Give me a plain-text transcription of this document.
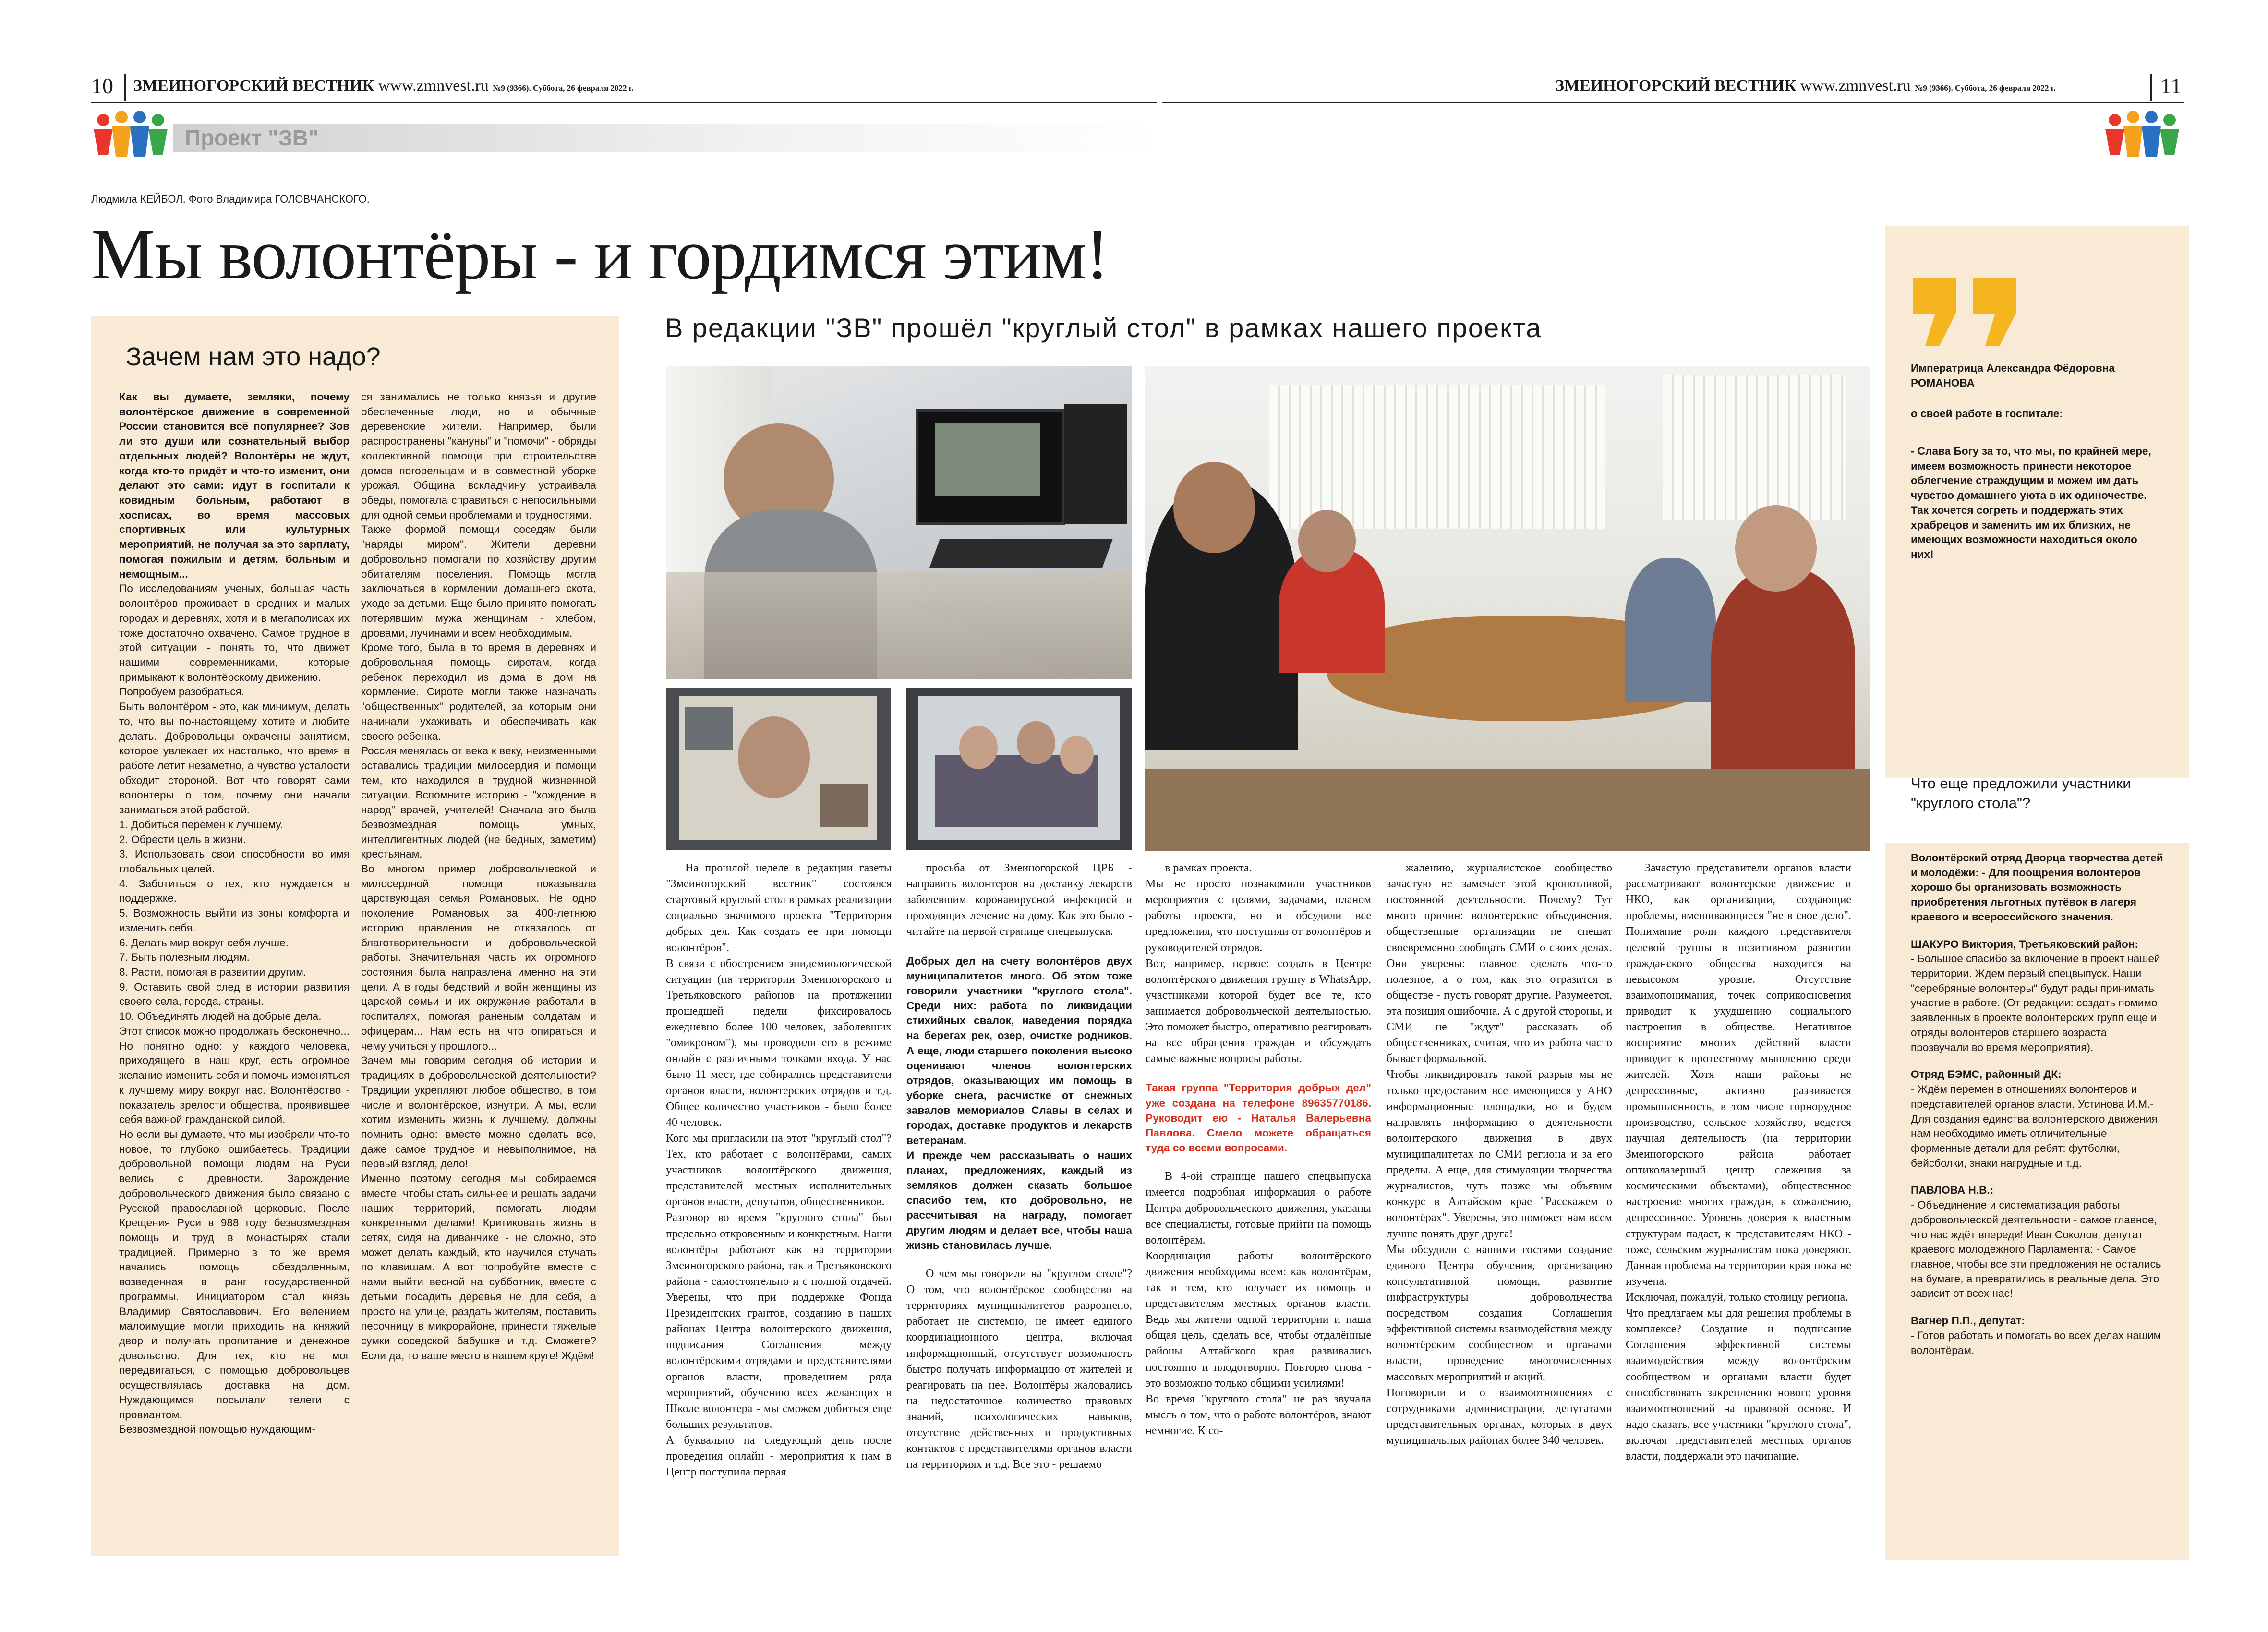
10 ЗМЕИНОГОРСКИЙ ВЕСТНИК www.zmnvest.ru №9 (9366). Суббота, 26 февраля 2022 г.	ЗМЕИНОГОРСКИЙ ВЕСТНИК www.zmnvest.ru №9 (9366). Суббота, 26 февраля 2022 г.	11
Проект "ЗВ"
Людмила КЕЙБОЛ. Фото Владимира ГОЛОВЧАНСКОГО.
Мы волонтёры - и гордимся этим!
В редакции "ЗВ" прошёл "круглый стол" в рамках нашего проекта
Зачем нам это надо?

Как вы думаете, земляки, почему волонтёрское движение в современной России становится всё популярнее? Зов ли это души или сознательный выбор отдельных людей? Волонтёры не ждут, когда кто-то придёт и что-то изменит, они делают это сами: идут в госпитали к ковидным больным, работают в хосписах, во время массовых спортивных или культурных мероприятий, не получая за это зарплату, помогая пожилым и детям, больным и немощным...

По исследованиям ученых, большая часть волонтёров проживает в средних и малых городах и деревнях, хотя и в мегаполисах их тоже достаточно охвачено. Самое трудное в этой ситуации - понять то, что движет нашими современниками, которые примыкают к волонтёрскому движению.
Попробуем разобраться.
Быть волонтёром - это, как минимум, делать то, что вы по-настоящему хотите и любите делать. Добровольцы охвачены занятием, которое увлекает их настолько, что время в работе летит незаметно, а чувство усталости обходит стороной. Вот что говорят сами волонтеры о том, почему они начали заниматься этой работой.
1. Добиться перемен к лучшему.
2. Обрести цель в жизни.
3. Использовать свои способности во имя глобальных целей.
4. Заботиться о тех, кто нуждается в поддержке.
5. Возможность выйти из зоны комфорта и изменить себя.
6. Делать мир вокруг себя лучше.
7. Быть полезным людям.
8. Расти, помогая в развитии другим.
9. Оставить свой след в истории развития своего села, города, страны.
10. Объединять людей на добрые дела.
Этот список можно продолжать бесконечно... Но понятно одно: у каждого человека, приходящего в наш круг, есть огромное желание изменить себя и помочь изменяться к лучшему миру вокруг нас. Волонтёрство - показатель зрелости общества, проявившее себя важной гражданской силой.
Но если вы думаете, что мы изобрели что-то новое, то глубоко ошибаетесь. Традиции добровольной помощи людям на Руси велись с древности. Зарождение добровольческого движения было связано с Русской православной церковью. После Крещения Руси в 988 году безвозмездная помощь и труд в монастырях стали традицией. Примерно в то же время начались помощь обездоленным, возведенная в ранг государственной программы. Инициатором стал князь Владимир Святославович. Его велением малоимущие могли приходить на княжий двор и получать пропитание и денежное довольство. Для тех, кто не мог передвигаться, с помощью добровольцев осуществлялась доставка на дом. Нуждающимся посылали телеги с провиантом.
Безвозмездной помощью нуждающим-

ся занимались не только князья и другие обеспеченные люди, но и обычные деревенские жители. Например, были распространены "кануны" и "помочи" - обряды коллективной помощи при строительстве домов погорельцам и в совместной уборке урожая. Община вскладчину устраивала обеды, помогала справиться с непосильными для одной семьи проблемами и трудностями.
Также формой помощи соседям были "наряды миром". Жители деревни добровольно помогали по хозяйству другим обитателям поселения. Помощь могла заключаться в кормлении домашнего скота, уходе за детьми. Еще было принято помогать потерявшим мужа женщинам - хлебом, дровами, лучинами и всем необходимым.
Кроме того, была в то время в деревнях и добровольная помощь сиротам, когда ребенок переходил из дома в дом на кормление. Сироте могли также назначать "общественных" родителей, за которым они начинали ухаживать и обеспечивать как своего ребенка.
Россия менялась от века к веку, неизменными оставались традиции милосердия и помощи тем, кто находился в трудной жизненной ситуации. Вспомните историю - "хождение в народ" врачей, учителей! Сначала это была безвозмездная помощь умных, интеллигентных людей (не бедных, заметим) крестьянам.
Во многом пример добровольческой и милосердной помощи показывала царствующая семья Романовых. Не одно поколение Романовых за 400-летнюю историю правления не отказалось от благотворительности и добровольческой работы. Значительная часть их огромного состояния была направлена именно на эти цели. А в годы бедствий и войн женщины из царской семьи и их окружение работали в госпиталях, помогая раненым солдатам и офицерам... Нам есть на что опираться и чему учиться у прошлого...
Зачем мы говорим сегодня об истории и традициях в добровольческой деятельности? Традиции укрепляют любое общество, в том числе и волонтёрское, изнутри. А мы, если хотим изменить жизнь к лучшему, должны помнить одно: вместе можно сделать все, даже самое трудное и невыполнимое, на первый взгляд, дело!
Именно поэтому сегодня мы собираемся вместе, чтобы стать сильнее и решать задачи наших территорий, помогать людям конкретными делами! Критиковать жизнь в сетях, сидя на диванчике - не сложно, это может делать каждый, кто научился стучать по клавишам. А вот попробуйте вместе с нами выйти весной на субботник, вместе с детьми посадить деревья не для себя, а просто на улице, раздать жителям, поставить песочницу в микрорайоне, принести тяжелые сумки соседской бабушке и т.д. Сможете? Если да, то ваше место в нашем круге! Ждём!

На прошлой неделе в редакции газеты "Змеиногорский вестник" состоялся стартовый круглый стол в рамках реализации социально значимого проекта "Территория добрых дел. Как создать ее при помощи волонтёров".
В связи с обострением эпидемиологической ситуации (на территории Змеиногорского и Третьяковского районов на протяжении прошедшей недели фиксировалось ежедневно более 100 человек, заболевших "омикроном"), мы проводили его в режиме онлайн с различными точками входа. У нас было 11 мест, где собирались представители органов власти, волонтерских отрядов и т.д. Общее количество участников - было более 40 человек.
Кого мы пригласили на этот "круглый стол"? Тех, кто работает с волонтёрами, самих участников волонтёрского движения, представителей местных исполнительных органов власти, депутатов, общественников.
Разговор во время "круглого стола" был предельно откровенным и конкретным. Наши волонтёры работают как на территории Змеиногорского района, так и Третьяковского района - самостоятельно и с полной отдачей. Уверены, что при поддержке Фонда Президентских грантов, созданию в наших районах Центра волонтерского движения, подписания Соглашения между волонтёрскими отрядами и представителями органов власти, проведением ряда мероприятий, обучению всех желающих в Школе волонтера - мы сможем добиться еще больших результатов.
А буквально на следующий день после проведения онлайн - мероприятия к нам в Центр поступила первая

просьба от Змеиногорской ЦРБ - направить волонтеров на доставку лекарств заболевшим коронавирусной инфекцией и проходящих лечение на дому. Как это было - читайте на первой странице спецвыпуска.

Добрых дел на счету волонтёров двух муниципалитетов много. Об этом тоже говорили участники "круглого стола". Среди них: работа по ликвидации стихийных свалок, наведения порядка на берегах рек, озер, очистке родников. А еще, люди старшего поколения высоко оценивают членов волонтерских отрядов, оказывающих им помощь в уборке снега, расчистке от снежных завалов мемориалов Славы в селах и городах, доставке продуктов и лекарств ветеранам.
И прежде чем рассказывать о наших планах, предложениях, каждый из земляков должен сказать большое спасибо тем, кто добровольно, не рассчитывая на награду, помогает другим людям и делает все, чтобы наша жизнь становилась лучше.

О чем мы говорили на "круглом столе"? О том, что волонтёрское сообщество на территориях муниципалитетов разрознено, работает не системно, не имеет единого координационного центра, включая информационный, отсутствует возможность быстро получать информацию от жителей и реагировать на нее. Волонтёры жаловались на недостаточное количество правовых знаний, психологических навыков, отсутствие действенных и продуктивных контактов с представителями органов власти на территориях и т.д. Все это - решаемо

в рамках проекта.
Мы не просто познакомили участников мероприятия с целями, задачами, планом работы проекта, но и обсудили все предложения, что поступили от волонтёров и руководителей отрядов.
Вот, например, первое: создать в Центре волонтёрского движения группу в WhatsApp, участниками которой будет все те, кто занимается добровольческой деятельностью. Это поможет быстро, оперативно реагировать на все обращения граждан и обсуждать самые важные вопросы работы.

Такая группа "Территория добрых дел" уже создана на телефоне 89635770186. Руководит ею - Наталья Валерьевна Павлова. Смело можете обращаться туда со всеми вопросами.

В 4-ой странице нашего спецвыпуска имеется подробная информация о работе Центра добровольческого движения, указаны все специалисты, готовые прийти на помощь волонтёрам.
Координация работы волонтёрского движения необходима всем: как волонтёрам, так и тем, кто получает их помощь и представителям местных органов власти. Ведь мы жители одной территории и наша общая цель, сделать все, чтобы отдалённые районы Алтайского края развивались постоянно и плодотворно. Повторю снова - это возможно только общими усилиями!
Во время "круглого стола" не раз звучала мысль о том, что о работе волонтёров, знают немногие. К со-

жалению, журналистское сообщество зачастую не замечает этой кропотливой, постоянной деятельности. Почему? Тут много причин: волонтерские объединения, общественные организации не спешат своевременно сообщать СМИ о своих делах. Они уверены: главное сделать что-то полезное, а о том, как это отразится в обществе - пусть говорят другие. Разумеется, эта позиция ошибочна. А с другой стороны, и СМИ не "ждут" рассказать об общественниках, считая, что их работа часто бывает формальной.
Чтобы ликвидировать такой разрыв мы не только предоставим все имеющиеся у АНО информационные площадки, но и будем направлять информацию о деятельности волонтерского движения в двух муниципалитетах по СМИ региона и за его пределы. А еще, для стимуляции творчества журналистов, чуть позже мы объявим конкурс в Алтайском крае "Расскажем о волонтёрах". Уверены, это поможет нам всем лучше понять друг друга!
Мы обсудили с нашими гостями создание единого Центра обучения, организацию консультативной помощи, развитие инфраструктуры добровольчества посредством создания Соглашения эффективной системы взаимодействия между волонтёрским сообществом и органами власти, проведение многочисленных массовых мероприятий и акций.
Поговорили и о взаимоотношениях с сотрудниками администрации, депутатами представительных органах, которых в двух муниципальных районах более 340 человек.

Зачастую представители органов власти рассматривают волонтерское движение и НКО, как организации, создающие проблемы, вмешивающиеся "не в свое дело". Понимание роли каждого представителя целевой группы в позитивном развитии гражданского общества находится на невысоком уровне. Отсутствие взаимопонимания, точек соприкосновения приводит к ухудшению социального настроения в обществе. Негативное восприятие многих действий власти приводит к протестному мышлению среди жителей. Хотя наши районы не депрессивные, активно развивается промышленность, в том числе горнорудное производство, сельское хозяйство, ведется научная деятельность (на территории Змеиногорского района работает оптиколазерный центр слежения за космическими объектами), общественное настроение многих граждан, к сожалению, депрессивное. Уровень доверия к властным структурам падает, к представителям НКО - тоже, сельским журналистам пока доверяют. Данная проблема на территории края пока не изучена.
Исключая, пожалуй, только столицу региона.
Что предлагаем мы для решения проблемы в комплексе? Создание и подписание Соглашения эффективной системы взаимодействия между волонтёрским сообществом и органами власти будет способствовать закреплению нового уровня взаимоотношений на правовой основе. И надо сказать, все участники "круглого стола", включая представителей местных органов власти, поддержали это начинание.

Императрица Александра Фёдоровна РОМАНОВА
о своей работе в госпитале:
- Слава Богу за то, что мы, по крайней мере, имеем возможность принести некоторое облегчение страждущим и можем им дать чувство домашнего уюта в их одиночестве. Так хочется согреть и поддержать этих храбрецов и заменить им их близких, не имеющих возможности находиться около них!
Что еще предложили участники "круглого стола"?

Волонтёрский отряд Дворца творчества детей и молодёжи:

- Для поощрения волонтеров хорошо бы организовать возможность приобретения льготных путёвок в лагеря краевого и всероссийского значения.

ШАКУРО Виктория, Третьяковский район:

- Большое спасибо за включение в проект нашей территории. Ждем первый спецвыпуск. Наши "серебряные волонтеры" будут рады принимать участие в работе. (От редакции: создать помимо заявленных в проекте волонтерских групп еще и отряды волонтеров старшего возраста прозвучали во время мероприятия).

Отряд БЭМС, районный ДК:

- Ждём перемен в отношениях волонтеров и представителей органов власти. Устинова И.М.- Для создания единства волонтерского движения нам необходимо иметь отличительные форменные детали для ребят: футболки, бейсболки, знаки нагрудные и т.д.

ПАВЛОВА Н.В.:

- Объединение и систематизация работы добровольческой деятельности - самое главное, что нас ждёт впереди! Иван Соколов, депутат краевого молодежного Парламента: - Самое главное, чтобы все эти предложения не остались на бумаге, а превратились в реальные дела. Это зависит от всех нас!

Вагнер П.П., депутат:

- Готов работать и помогать во всех делах нашим волонтёрам.
